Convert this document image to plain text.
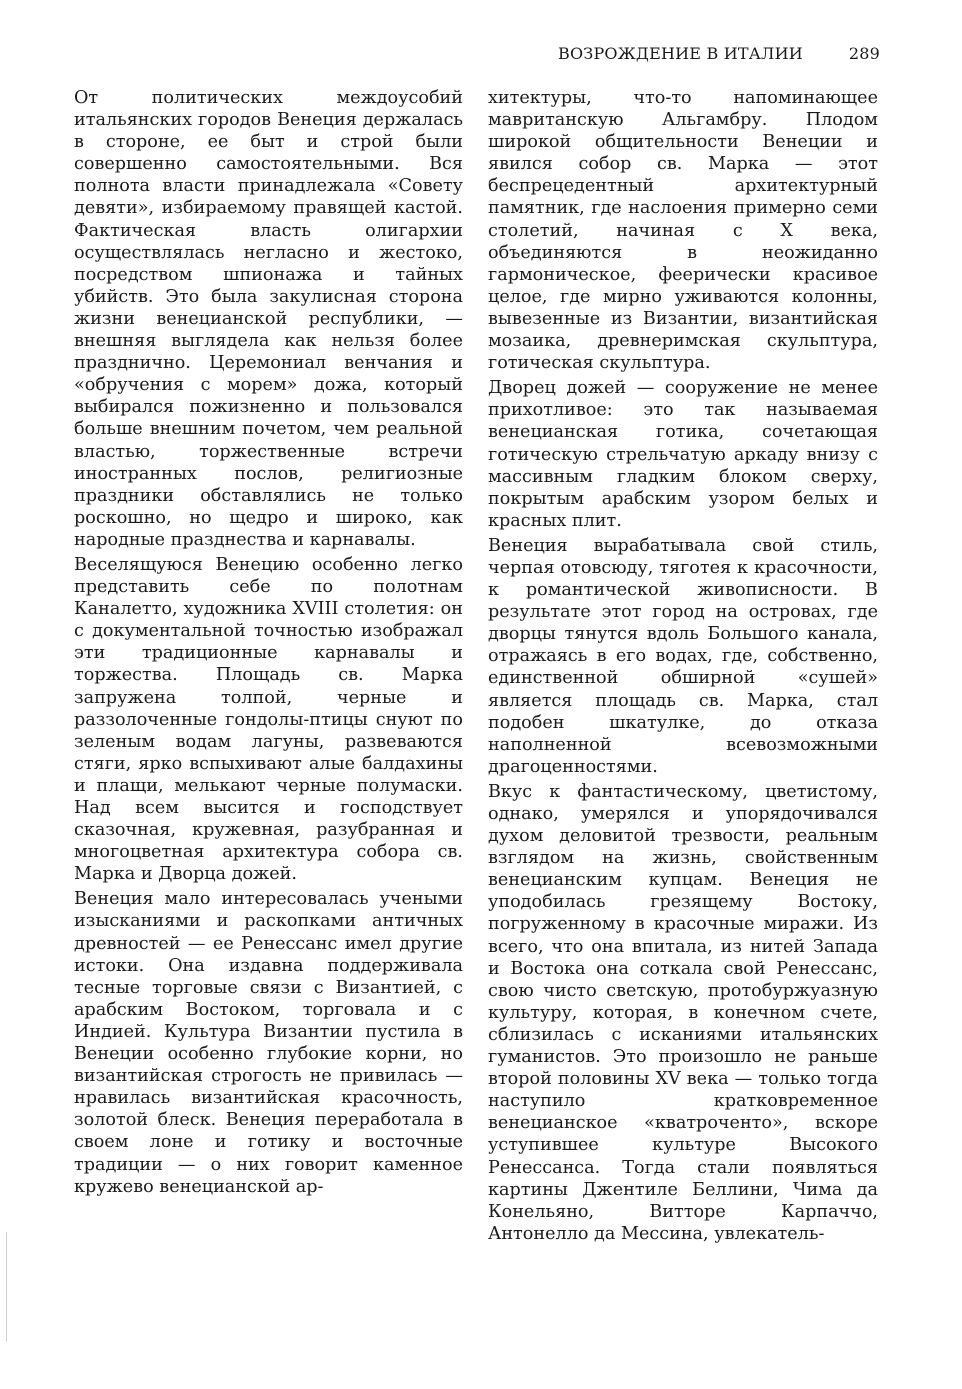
ВОЗРОЖДЕНИЕ В ИТАЛИИ	289

От политических междоусобий итальянских городов Венеция держалась в стороне, ее быт и строй были совершенно самостоятельными. Вся полнота власти принадлежала «Совету девяти», избираемому правящей кастой. Фактическая власть олигархии осуществлялась негласно и жестоко, посредством шпионажа и тайных убийств. Это была закулисная сторона жизни венецианской республики, — внешняя выглядела как нельзя более празднично. Церемониал венчания и «обручения с морем» дожа, который выбирался пожизненно и пользовался больше внешним почетом, чем реальной властью, торжественные встречи иностранных послов, религиозные праздники обставлялись не только роскошно, но щедро и широко, как народные празднества и карнавалы.

Веселящуюся Венецию особенно легко представить себе по полотнам Каналетто, художника XVIII столетия: он с документальной точностью изображал эти традиционные карнавалы и торжества. Площадь св. Марка запружена толпой, черные и раззолоченные гондолы-птицы снуют по зеленым водам лагуны, развеваются стяги, ярко вспыхивают алые балдахины и плащи, мелькают черные полумаски. Над всем высится и господствует сказочная, кружевная, разубранная и многоцветная архитектура собора св. Марка и Дворца дожей.

Венеция мало интересовалась учеными изысканиями и раскопками античных древностей — ее Ренессанс имел другие истоки. Она издавна поддерживала тесные торговые связи с Византией, с арабским Востоком, торговала и с Индией. Культура Византии пустила в Венеции особенно глубокие корни, но византийская строгость не привилась — нравилась византийская красочность, золотой блеск. Венеция переработала в своем лоне и готику и восточные традиции — о них говорит каменное кружево венецианской ар-

хитектуры, что-то напоминающее мавританскую Альгамбру. Плодом широкой общительности Венеции и явился собор св. Марка — этот беспрецедентный архитектурный памятник, где наслоения примерно семи столетий, начиная с X века, объединяются в неожиданно гармоническое, феерически красивое целое, где мирно уживаются колонны, вывезенные из Византии, византийская мозаика, древнеримская скульптура, готическая скульптура.

Дворец дожей — сооружение не менее прихотливое: это так называемая венецианская готика, сочетающая готическую стрельчатую аркаду внизу с массивным гладким блоком сверху, покрытым арабским узором белых и красных плит.

Венеция вырабатывала свой стиль, черпая отовсюду, тяготея к красочности, к романтической живописности. В результате этот город на островах, где дворцы тянутся вдоль Большого канала, отражаясь в его водах, где, собственно, единственной обширной «сушей» является площадь св. Марка, стал подобен шкатулке, до отказа наполненной всевозможными драгоценностями.

Вкус к фантастическому, цветистому, однако, умерялся и упорядочивался духом деловитой трезвости, реальным взглядом на жизнь, свойственным венецианским купцам. Венеция не уподобилась грезящему Востоку, погруженному в красочные миражи. Из всего, что она впитала, из нитей Запада и Востока она соткала свой Ренессанс, свою чисто светскую, протобуржуазную культуру, которая, в конечном счете, сблизилась с исканиями итальянских гуманистов. Это произошло не раньше второй половины XV века — только тогда наступило кратковременное венецианское «кватроченто», вскоре уступившее культуре Высокого Ренессанса. Тогда стали появляться картины Джентиле Беллини, Чима да Конельяно, Витторе Карпаччо, Антонелло да Мессина, увлекатель-
